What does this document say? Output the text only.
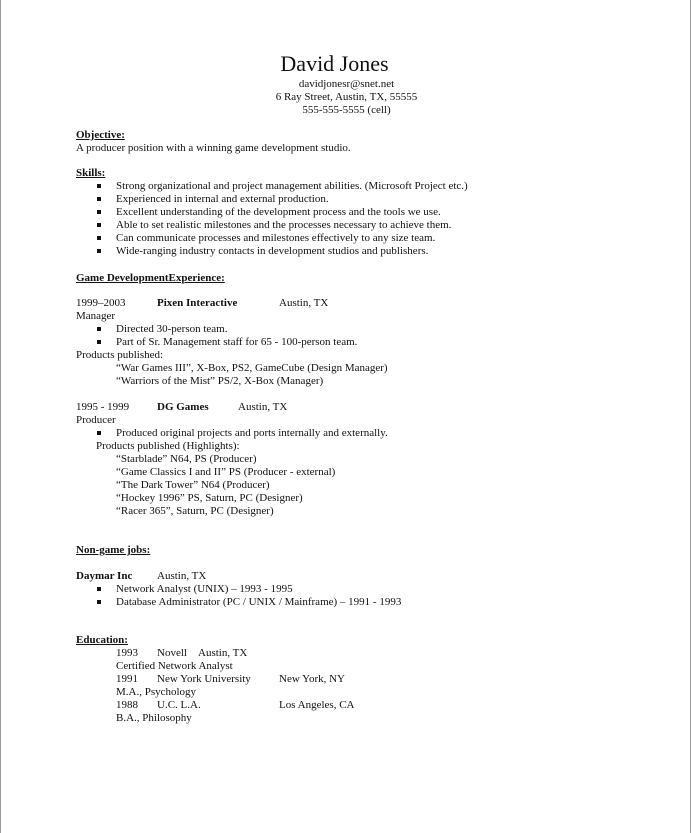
David Jones
davidjonesr@snet.net
6 Ray Street, Austin, TX, 55555
555-555-5555 (cell)
Objective:
A producer position with a winning game development studio.
Skills:
Strong organizational and project management abilities. (Microsoft Project etc.)
Experienced in internal and external production.
Excellent understanding of the development process and the tools we use.
Able to set realistic milestones and the processes necessary to achieve them.
Can communicate processes and milestones effectively to any size team.
Wide-ranging industry contacts in development studios and publishers.
Game DevelopmentExperience:
1999–2003	Pixen Interactive	Austin, TX
Manager
Directed 30-person team.
Part of Sr. Management staff for 65 - 100-person team.
Products published:
“War Games III”, X-Box, PS2, GameCube (Design Manager)
“Warriors of the Mist” PS/2, X-Box (Manager)
1995 - 1999	DG Games	Austin, TX
Producer
Produced original projects and ports internally and externally.
Products published (Highlights):
“Starblade” N64, PS (Producer)
“Game Classics I and II” PS (Producer - external)
“The Dark Tower” N64 (Producer)
“Hockey 1996” PS, Saturn, PC (Designer)
“Racer 365”, Saturn, PC (Designer)
Non-game jobs:
Daymar Inc Austin, TX
Network Analyst (UNIX) – 1993 - 1995
Database Administrator (PC / UNIX / Mainframe) – 1991 - 1993
Education:
1993 Novell Austin, TX
Certified Network Analyst
1991 New York University	New York, NY
M.A., Psychology
1988 U.C. L.A.	Los Angeles, CA
B.A., Philosophy
